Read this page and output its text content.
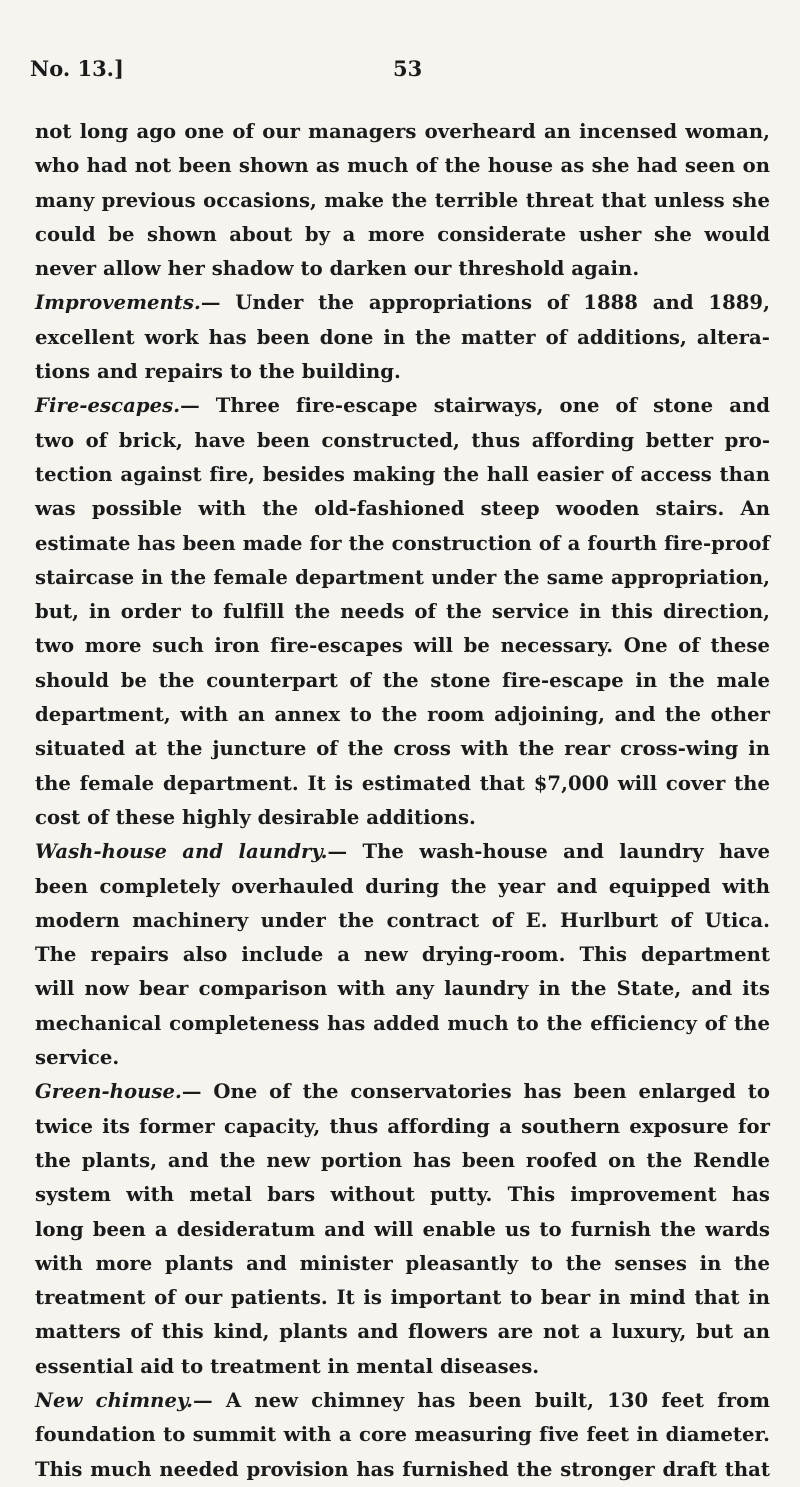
No. 13.]	53
not long ago one of our managers overheard an incensed woman,
who had not been shown as much of the house as she had seen on
many previous occasions, make the terrible threat that unless she
could be shown about by a more considerate usher she would
never allow her shadow to darken our threshold again.
Improvements.— Under the appropriations of 1888 and 1889,
excellent work has been done in the matter of additions, altera-
tions and repairs to the building.
Fire-escapes.— Three fire-escape stairways, one of stone and
two of brick, have been constructed, thus affording better pro-
tection against fire, besides making the hall easier of access than
was possible with the old-fashioned steep wooden stairs. An
estimate has been made for the construction of a fourth fire-proof
staircase in the female department under the same appropriation,
but, in order to fulfill the needs of the service in this direction,
two more such iron fire-escapes will be necessary. One of these
should be the counterpart of the stone fire-escape in the male
department, with an annex to the room adjoining, and the other
situated at the juncture of the cross with the rear cross-wing in
the female department. It is estimated that $7,000 will cover the
cost of these highly desirable additions.
Wash-house and laundry.— The wash-house and laundry have
been completely overhauled during the year and equipped with
modern machinery under the contract of E. Hurlburt of Utica.
The repairs also include a new drying-room. This department
will now bear comparison with any laundry in the State, and its
mechanical completeness has added much to the efficiency of the
service.
Green-house.— One of the conservatories has been enlarged to
twice its former capacity, thus affording a southern exposure for
the plants, and the new portion has been roofed on the Rendle
system with metal bars without putty. This improvement has
long been a desideratum and will enable us to furnish the wards
with more plants and minister pleasantly to the senses in the
treatment of our patients. It is important to bear in mind that in
matters of this kind, plants and flowers are not a luxury, but an
essential aid to treatment in mental diseases.
New chimney.— A new chimney has been built, 130 feet from
foundation to summit with a core measuring five feet in diameter.
This much needed provision has furnished the stronger draft that
